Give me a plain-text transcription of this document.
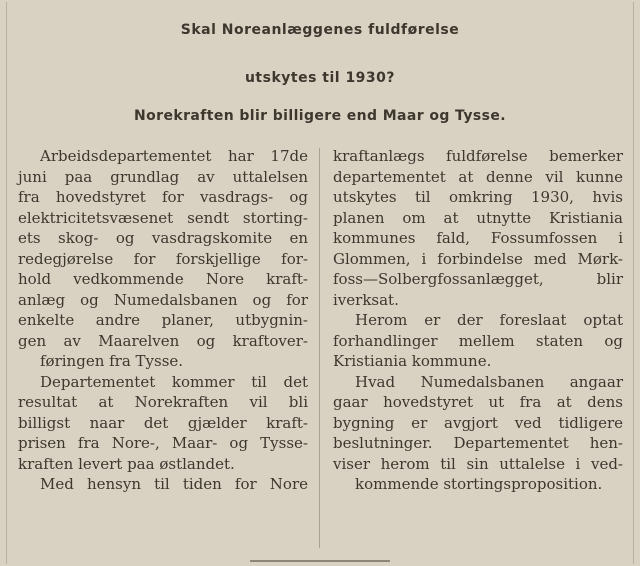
Skal Noreanlæggenes fuldførelse
utskytes til 1930?
Norekraften blir billigere end Maar og Tysse.
Arbeidsdepartementet har 17de
juni paa grundlag av uttalelsen
fra hovedstyret for vasdrags- og
elektricitetsvæsenet sendt storting-
ets skog- og vasdragskomite en
redegjørelse for forskjellige for-
hold vedkommende Nore kraft-
anlæg og Numedalsbanen og for
enkelte andre planer, utbygnin-
gen av Maarelven og kraftover-
føringen fra Tysse.
Departementet kommer til det
resultat at Norekraften vil bli
billigst naar det gjælder kraft-
prisen fra Nore-, Maar- og Tysse-
kraften levert paa østlandet.
Med hensyn til tiden for Nore
kraftanlægs fuldførelse bemerker
departementet at denne vil kunne
utskytes til omkring 1930, hvis
planen om at utnytte Kristiania
kommunes fald, Fossumfossen i
Glommen, i forbindelse med Mørk-
foss—Solbergfossanlægget, blir
iverksat.
Herom er der foreslaat optat
forhandlinger mellem staten og
Kristiania kommune.
Hvad Numedalsbanen angaar
gaar hovedstyret ut fra at dens
bygning er avgjort ved tidligere
beslutninger. Departementet hen-
viser herom til sin uttalelse i ved-
kommende stortingsproposition.
